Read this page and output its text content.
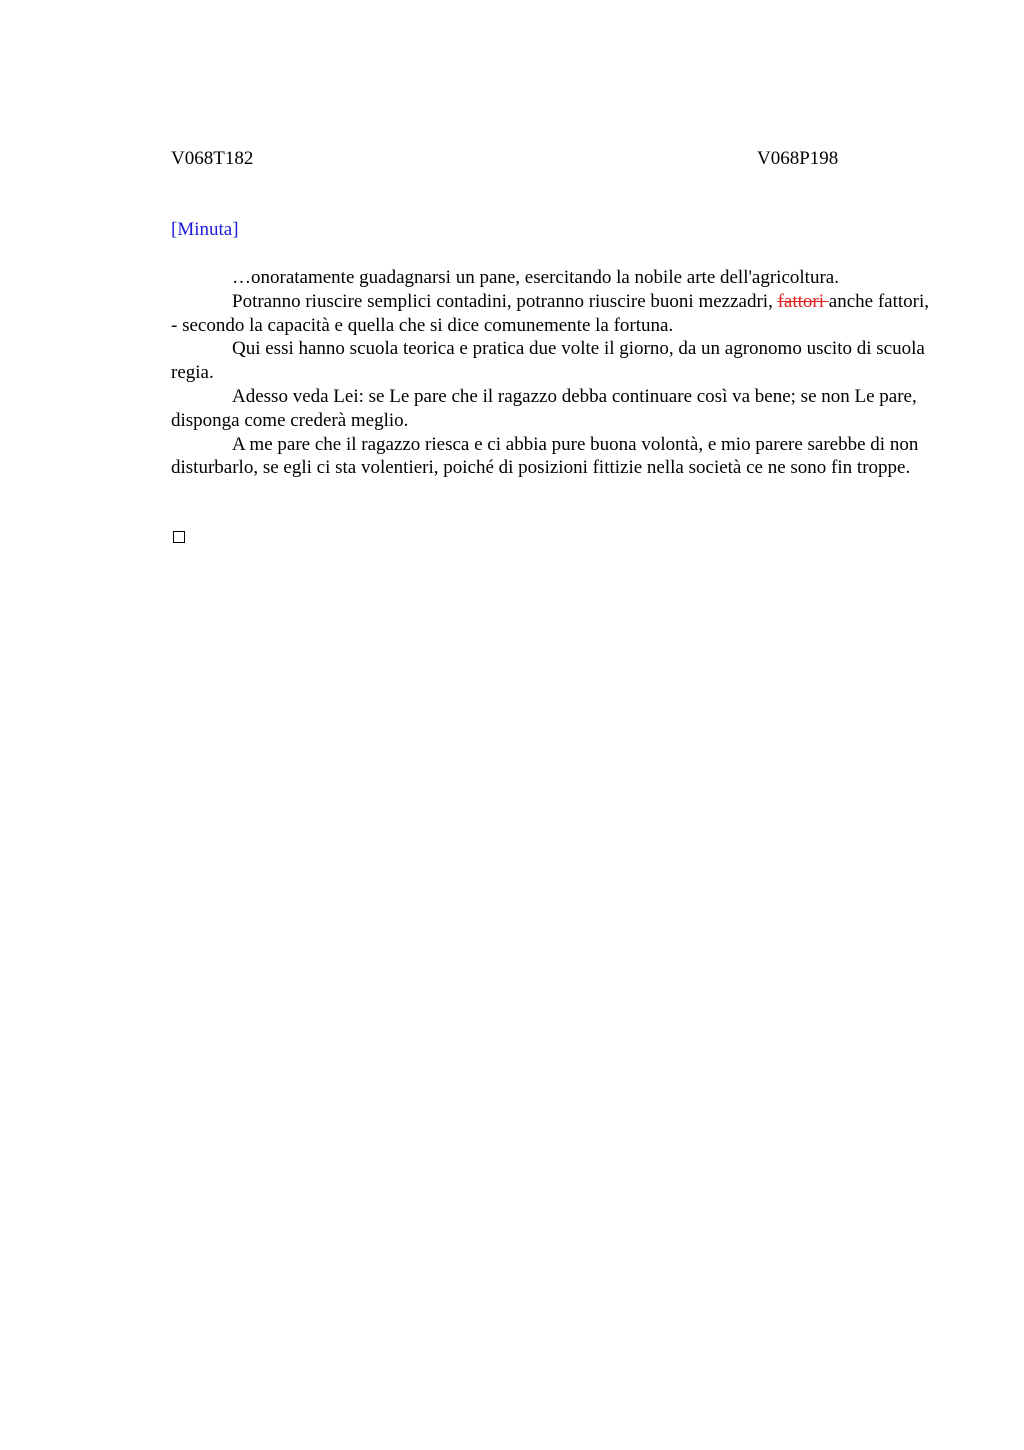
V068T182	V068P198
[Minuta]

…onoratamente guadagnarsi un pane, esercitando la nobile arte dell'agricoltura.

Potranno riuscire semplici contadini, potranno riuscire buoni mezzadri, fattori anche fattori, - secondo la capacità e quella che si dice comunemente la fortuna.

Qui essi hanno scuola teorica e pratica due volte il giorno, da un agronomo uscito di scuola regia.

Adesso veda Lei: se Le pare che il ragazzo debba continuare così va bene; se non Le pare, disponga come crederà meglio.

A me pare che il ragazzo riesca e ci abbia pure buona volontà, e mio parere sarebbe di non disturbarlo, se egli ci sta volentieri, poiché di posizioni fittizie nella società ce ne sono fin troppe.
